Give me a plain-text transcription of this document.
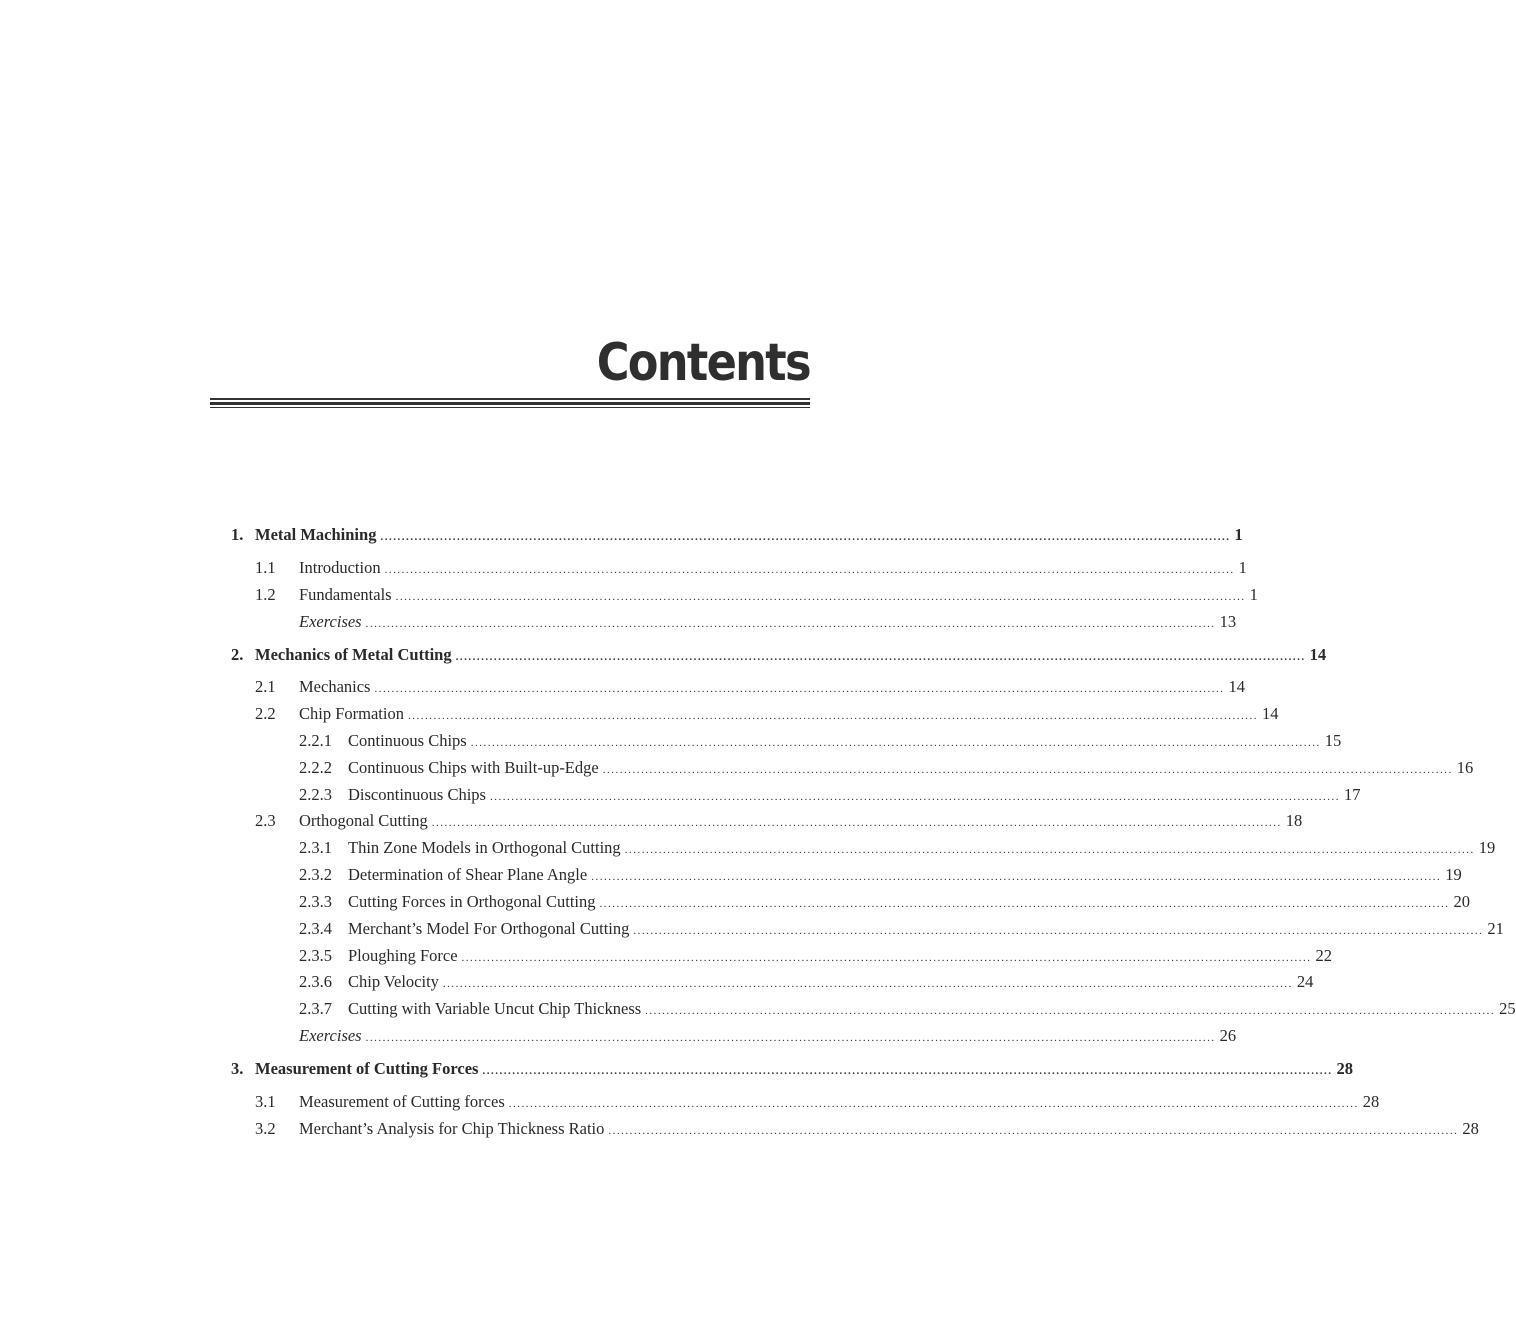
Contents
1. Metal Machining ........................................................................................................................................................................................................ 1
1.1	Introduction ........................................................................................................................................................................................................ 1
1.2	Fundamentals ........................................................................................................................................................................................................ 1
Exercises ........................................................................................................................................................................................................ 13
2. Mechanics of Metal Cutting ........................................................................................................................................................................................................ 14
2.1	Mechanics ........................................................................................................................................................................................................ 14
2.2	Chip Formation ........................................................................................................................................................................................................ 14
2.2.1 Continuous Chips ........................................................................................................................................................................................................ 15
2.2.2 Continuous Chips with Built-up-Edge ........................................................................................................................................................................................................ 16
2.2.3 Discontinuous Chips ........................................................................................................................................................................................................ 17
2.3	Orthogonal Cutting ........................................................................................................................................................................................................ 18
2.3.1 Thin Zone Models in Orthogonal Cutting ........................................................................................................................................................................................................ 19
2.3.2 Determination of Shear Plane Angle ........................................................................................................................................................................................................ 19
2.3.3 Cutting Forces in Orthogonal Cutting ........................................................................................................................................................................................................ 20
2.3.4 Merchant’s Model For Orthogonal Cutting ........................................................................................................................................................................................................ 21
2.3.5 Ploughing Force ........................................................................................................................................................................................................ 22
2.3.6 Chip Velocity ........................................................................................................................................................................................................ 24
2.3.7 Cutting with Variable Uncut Chip Thickness ........................................................................................................................................................................................................ 25
Exercises ........................................................................................................................................................................................................ 26
3. Measurement of Cutting Forces ........................................................................................................................................................................................................ 28
3.1	Measurement of Cutting forces ........................................................................................................................................................................................................ 28
3.2	Merchant’s Analysis for Chip Thickness Ratio ........................................................................................................................................................................................................ 28
